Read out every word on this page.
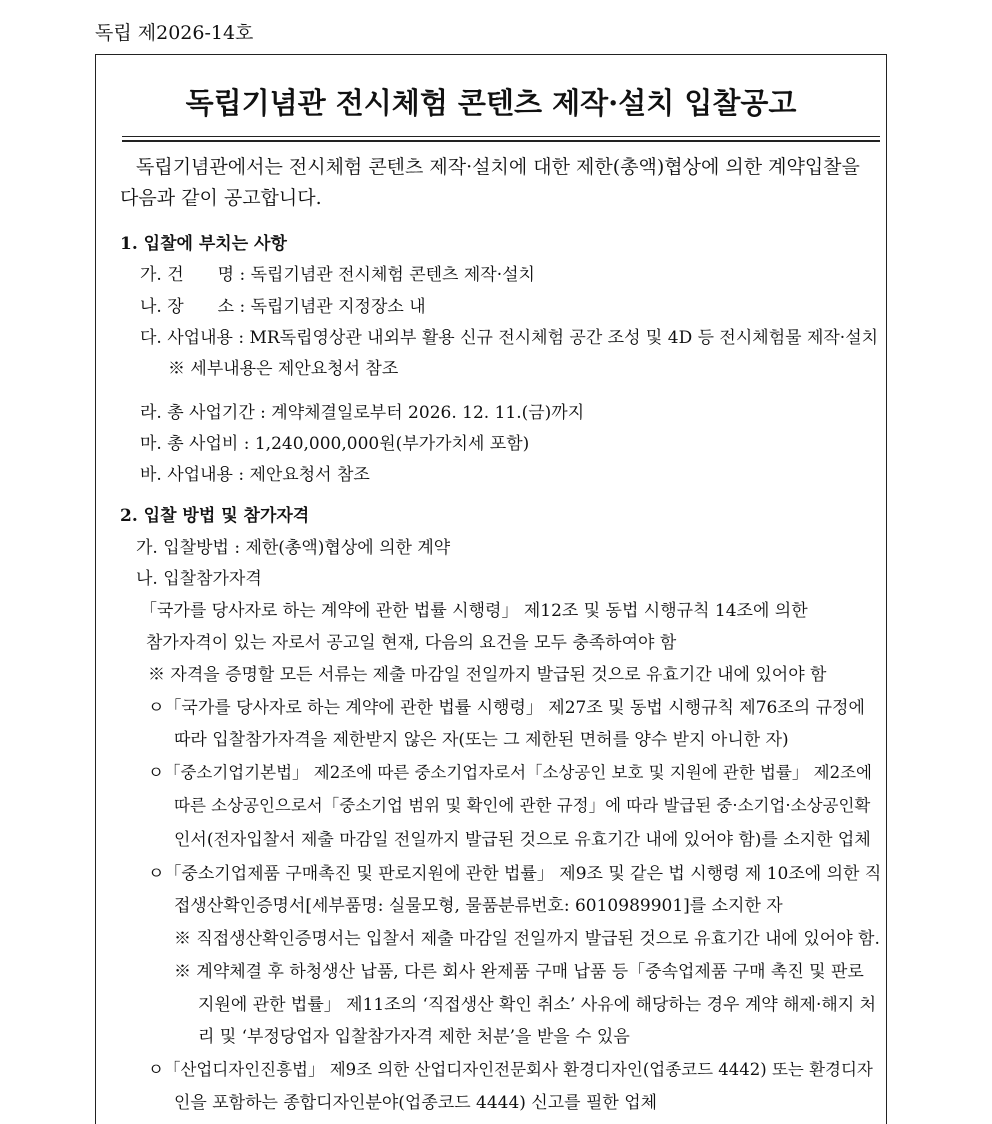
독립 제2026-14호
독립기념관 전시체험 콘텐츠 제작·설치 입찰공고
독립기념관에서는 전시체험 콘텐츠 제작·설치에 대한 제한(총액)협상에 의한 계약입찰을
다음과 같이 공고합니다.
1. 입찰에 부치는 사항
가. 건　　명 : 독립기념관 전시체험 콘텐츠 제작·설치
나. 장　　소 : 독립기념관 지정장소 내
다. 사업내용 : MR독립영상관 내외부 활용 신규 전시체험 공간 조성 및 4D 등 전시체험물 제작·설치
※ 세부내용은 제안요청서 참조
라. 총 사업기간 : 계약체결일로부터 2026. 12. 11.(금)까지
마. 총 사업비 : 1,240,000,000원(부가가치세 포함)
바. 사업내용 : 제안요청서 참조
2. 입찰 방법 및 참가자격
가. 입찰방법 : 제한(총액)협상에 의한 계약
나. 입찰참가자격
「국가를 당사자로 하는 계약에 관한 법률 시행령」 제12조 및 동법 시행규칙 14조에 의한
참가자격이 있는 자로서 공고일 현재, 다음의 요건을 모두 충족하여야 함
※ 자격을 증명할 모든 서류는 제출 마감일 전일까지 발급된 것으로 유효기간 내에 있어야 함
ㅇ「국가를 당사자로 하는 계약에 관한 법률 시행령」 제27조 및 동법 시행규칙 제76조의 규정에
따라 입찰참가자격을 제한받지 않은 자(또는 그 제한된 면허를 양수 받지 아니한 자)
ㅇ「중소기업기본법」 제2조에 따른 중소기업자로서「소상공인 보호 및 지원에 관한 법률」 제2조에
따른 소상공인으로서「중소기업 범위 및 확인에 관한 규정」에 따라 발급된 중·소기업·소상공인확
인서(전자입찰서 제출 마감일 전일까지 발급된 것으로 유효기간 내에 있어야 함)를 소지한 업체
ㅇ「중소기업제품 구매촉진 및 판로지원에 관한 법률」 제9조 및 같은 법 시행령 제 10조에 의한 직
접생산확인증명서[세부품명: 실물모형, 물품분류번호: 6010989901]를 소지한 자
※ 직접생산확인증명서는 입찰서 제출 마감일 전일까지 발급된 것으로 유효기간 내에 있어야 함.
※ 계약체결 후 하청생산 납품, 다른 회사 완제품 구매 납품 등「중속업제품 구매 촉진 및 판로
지원에 관한 법률」 제11조의 ‘직접생산 확인 취소’ 사유에 해당하는 경우 계약 해제·해지 처
리 및 ‘부정당업자 입찰참가자격 제한 처분’을 받을 수 있음
ㅇ「산업디자인진흥법」 제9조 의한 산업디자인전문회사 환경디자인(업종코드 4442) 또는 환경디자
인을 포함하는 종합디자인분야(업종코드 4444) 신고를 필한 업체
